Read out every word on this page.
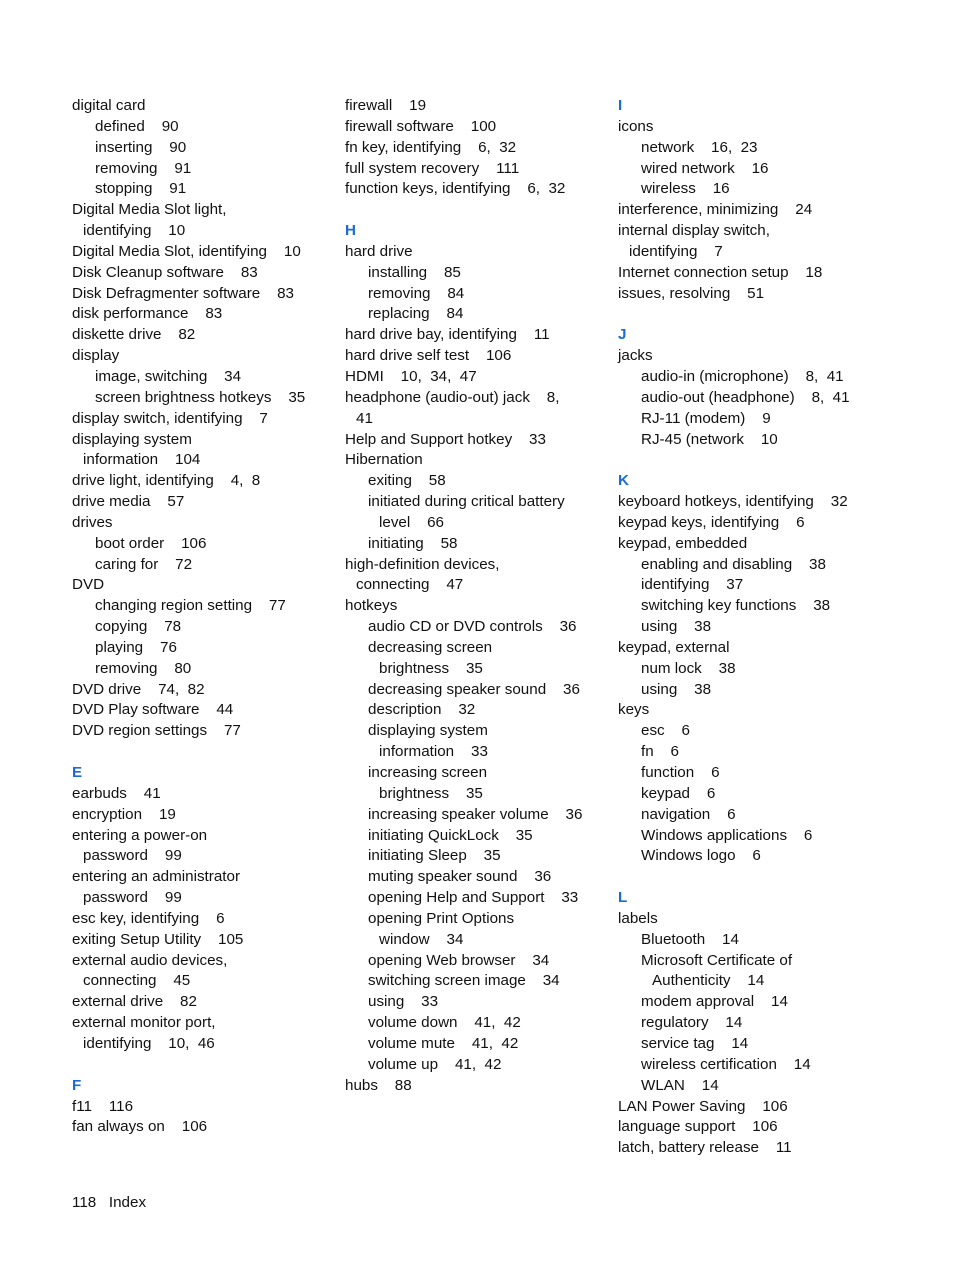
digital card
defined    90
inserting    90
removing    91
stopping    91
Digital Media Slot light,
identifying    10
Digital Media Slot, identifying    10
Disk Cleanup software    83
Disk Defragmenter software    83
disk performance    83
diskette drive    82
display
image, switching    34
screen brightness hotkeys    35
display switch, identifying    7
displaying system
information    104
drive light, identifying    4,  8
drive media    57
drives
boot order    106
caring for    72
DVD
changing region setting    77
copying    78
playing    76
removing    80
DVD drive    74,  82
DVD Play software    44
DVD region settings    77
E
earbuds    41
encryption    19
entering a power-on
password    99
entering an administrator
password    99
esc key, identifying    6
exiting Setup Utility    105
external audio devices,
connecting    45
external drive    82
external monitor port,
identifying    10,  46
F
f11    116
fan always on    106
firewall    19
firewall software    100
fn key, identifying    6,  32
full system recovery    111
function keys, identifying    6,  32
H
hard drive
installing    85
removing    84
replacing    84
hard drive bay, identifying    11
hard drive self test    106
HDMI    10,  34,  47
headphone (audio-out) jack    8,
41
Help and Support hotkey    33
Hibernation
exiting    58
initiated during critical battery
level    66
initiating    58
high-definition devices,
connecting    47
hotkeys
audio CD or DVD controls    36
decreasing screen
brightness    35
decreasing speaker sound    36
description    32
displaying system
information    33
increasing screen
brightness    35
increasing speaker volume    36
initiating QuickLock    35
initiating Sleep    35
muting speaker sound    36
opening Help and Support    33
opening Print Options
window    34
opening Web browser    34
switching screen image    34
using    33
volume down    41,  42
volume mute    41,  42
volume up    41,  42
hubs    88
I
icons
network    16,  23
wired network    16
wireless    16
interference, minimizing    24
internal display switch,
identifying    7
Internet connection setup    18
issues, resolving    51
J
jacks
audio-in (microphone)    8,  41
audio-out (headphone)    8,  41
RJ-11 (modem)    9
RJ-45 (network    10
K
keyboard hotkeys, identifying    32
keypad keys, identifying    6
keypad, embedded
enabling and disabling    38
identifying    37
switching key functions    38
using    38
keypad, external
num lock    38
using    38
keys
esc    6
fn    6
function    6
keypad    6
navigation    6
Windows applications    6
Windows logo    6
L
labels
Bluetooth    14
Microsoft Certificate of
Authenticity    14
modem approval    14
regulatory    14
service tag    14
wireless certification    14
WLAN    14
LAN Power Saving    106
language support    106
latch, battery release    11
118 Index
